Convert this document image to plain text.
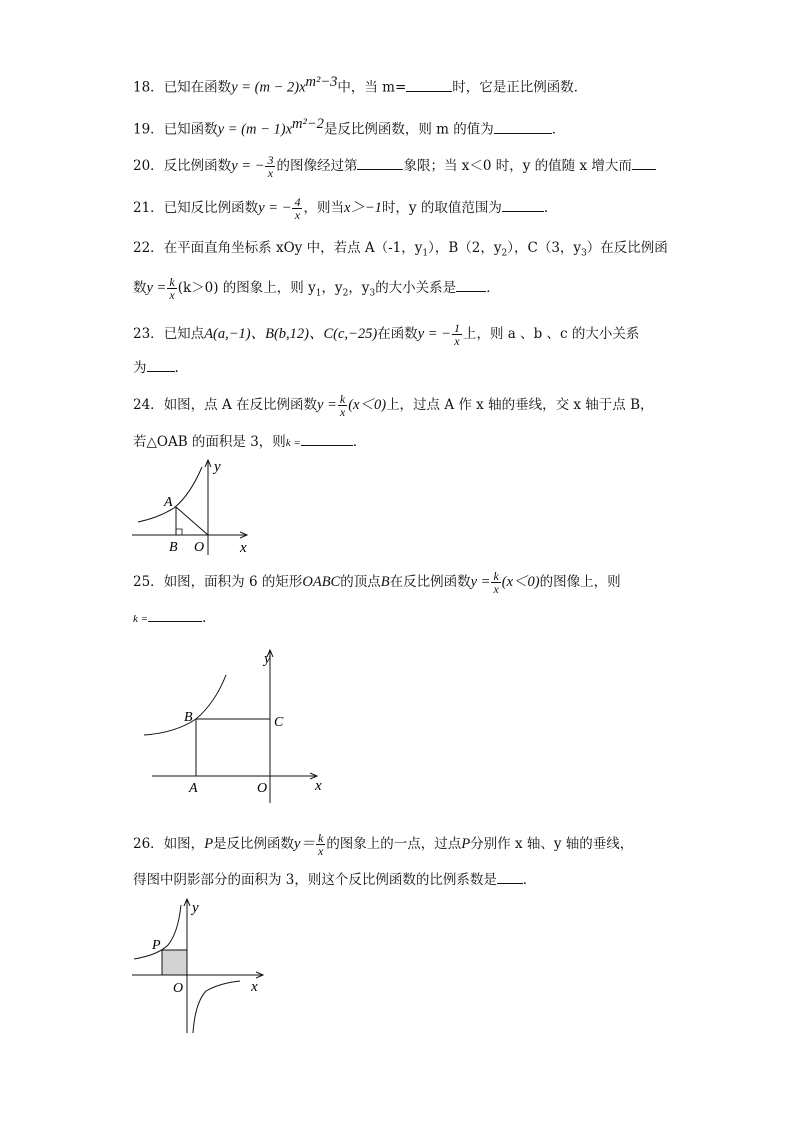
18．已知在函数$y = (m - 2)x^{m^2-3}$中，当 m=	时，它是正比例函数．
19．已知函数$y = (m - 1)x^{m^2-2}$是反比例函数，则 m 的值为	．
20．反比例函数y = − $\frac{3}{x}$ 的图像经过第	象限；当 x＜0 时，y 的值随 x 增大而
21．已知反比例函数y = − $\frac{4}{x}$ ，则当x＞−1时，y 的取值范围为	.
22．在平面直角坐标系 xOy 中，若点 A（-1，$y_1$），B（2，$y_2$），C（3，$y_3$）在反比例函
数$y = \frac{k}{x} (k>0)$ 的图象上，则 $y_1$，$y_2$，$y_3$的大小关系是 ．
23．已知点A(a,−1)、B(b,12)、C(c,−25)在函数y = − $\frac{1}{x}$ 上，则 a 、b 、c 的大小关系
为 .
24．如图，点 A 在反比例函数$y = \frac{k}{x} (x<0)$上，过点 A 作 x 轴的垂线，交 x 轴于点 B，
若△OAB 的面积是 3，则k =	．
y
A
B O x
25．如图，面积为 6 的矩形OABC的顶点B在反比例函数$y = \frac{k}{x} (x<0)$的图像上，则
k =	．
y
B	C
A	O	x
26．如图，P是反比例函数$y= \frac{k}{x}$ 的图象上的一点，过点P分别作 x 轴、y 轴的垂线，
得图中阴影部分的面积为 3，则这个反比例函数的比例系数是 ．
y
P
O	x
